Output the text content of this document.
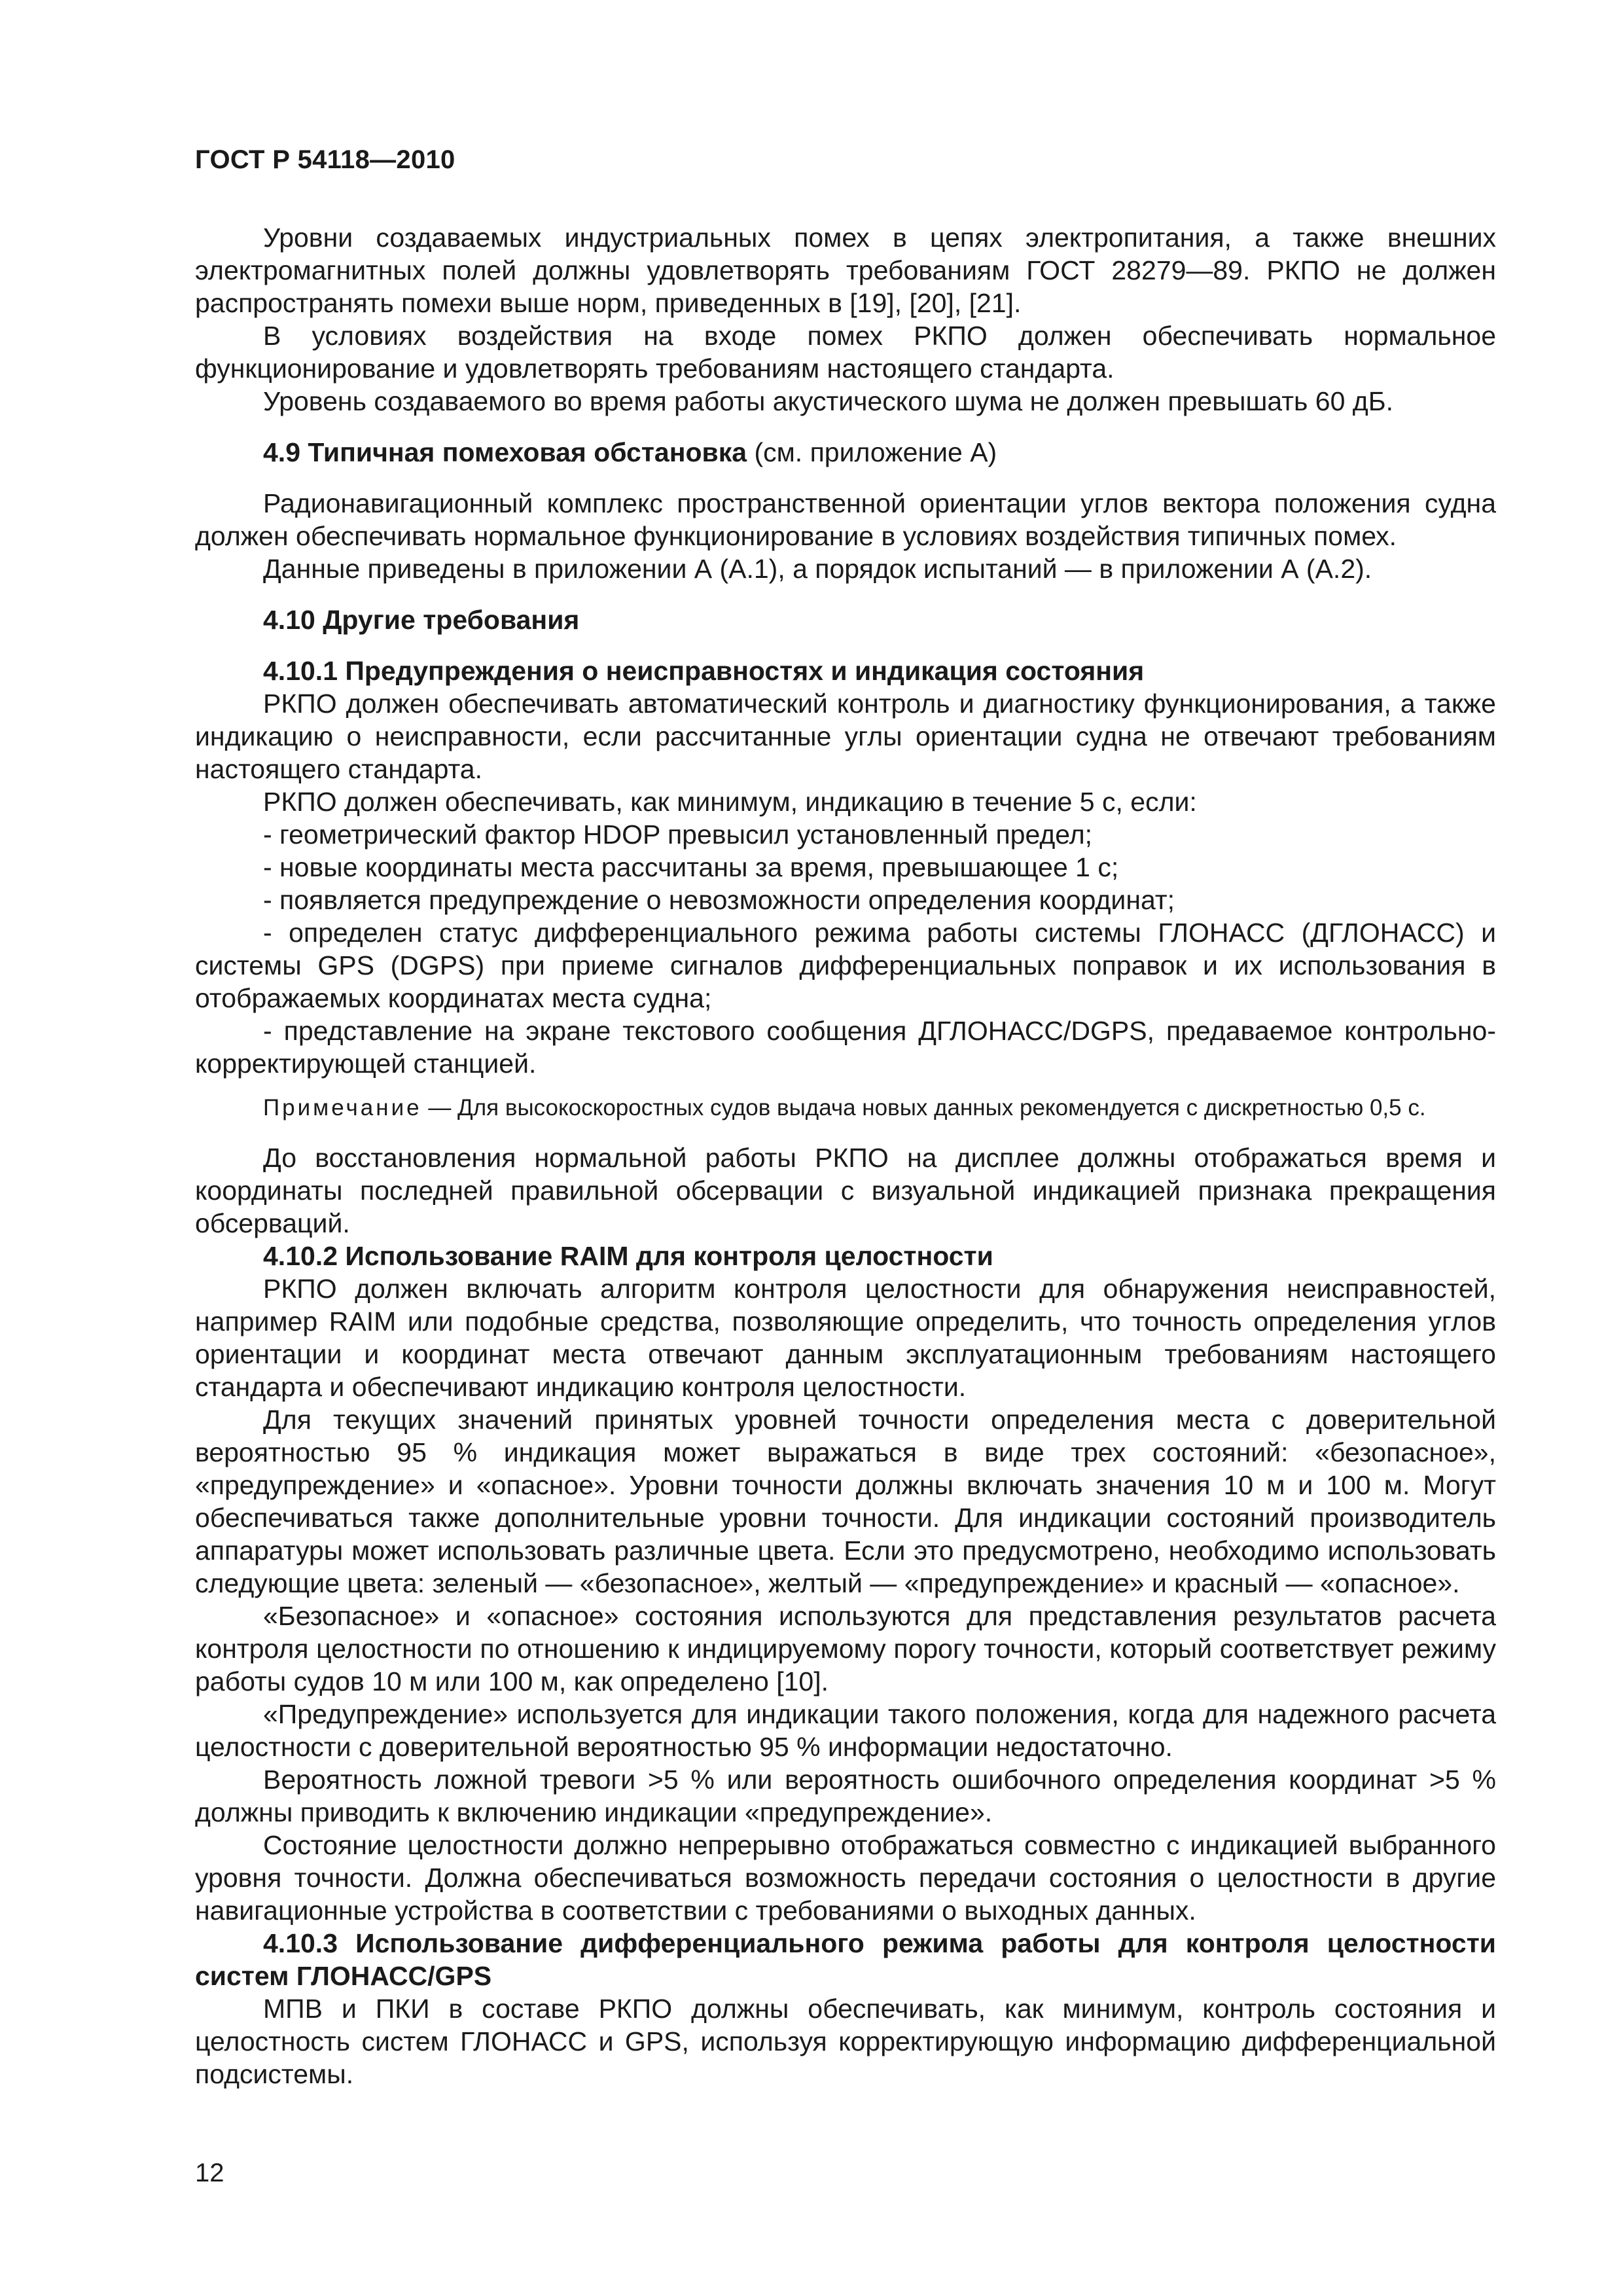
ГОСТ Р 54118—2010

Уровни создаваемых индустриальных помех в цепях электропитания, а также внешних электромагнитных полей должны удовлетворять требованиям ГОСТ 28279—89. РКПО не должен распространять помехи выше норм, приведенных в [19], [20], [21].

В условиях воздействия на входе помех РКПО должен обеспечивать нормальное функционирование и удовлетворять требованиям настоящего стандарта.

Уровень создаваемого во время работы акустического шума не должен превышать 60 дБ.

4.9 Типичная помеховая обстановка (см. приложение А)

Радионавигационный комплекс пространственной ориентации углов вектора положения судна должен обеспечивать нормальное функционирование в условиях воздействия типичных помех.

Данные приведены в приложении А (А.1), а порядок испытаний — в приложении А (А.2).

4.10 Другие требования

4.10.1 Предупреждения о неисправностях и индикация состояния

РКПО должен обеспечивать автоматический контроль и диагностику функционирования, а также индикацию о неисправности, если рассчитанные углы ориентации судна не отвечают требованиям настоящего стандарта.

РКПО должен обеспечивать, как минимум, индикацию в течение 5 с, если:

- геометрический фактор HDOP превысил установленный предел;

- новые координаты места рассчитаны за время, превышающее 1 с;

- появляется предупреждение о невозможности определения координат;

- определен статус дифференциального режима работы системы ГЛОНАСС (ДГЛОНАСС) и системы GPS (DGPS) при приеме сигналов дифференциальных поправок и их использования в отображаемых координатах места судна;

- представление на экране текстового сообщения ДГЛОНАСС/DGPS, предаваемое контрольно-корректирующей станцией.

Примечание — Для высокоскоростных судов выдача новых данных рекомендуется с дискретностью 0,5 с.

До восстановления нормальной работы РКПО на дисплее должны отображаться время и координаты последней правильной обсервации с визуальной индикацией признака прекращения обсерваций.

4.10.2 Использование RAIM для контроля целостности

РКПО должен включать алгоритм контроля целостности для обнаружения неисправностей, например RAIM или подобные средства, позволяющие определить, что точность определения углов ориентации и координат места отвечают данным эксплуатационным требованиям настоящего стандарта и обеспечивают индикацию контроля целостности.

Для текущих значений принятых уровней точности определения места с доверительной вероятностью 95 % индикация может выражаться в виде трех состояний: «безопасное», «предупреждение» и «опасное». Уровни точности должны включать значения 10 м и 100 м. Могут обеспечиваться также дополнительные уровни точности. Для индикации состояний производитель аппаратуры может использовать различные цвета. Если это предусмотрено, необходимо использовать следующие цвета: зеленый — «безопасное», желтый — «предупреждение» и красный — «опасное».

«Безопасное» и «опасное» состояния используются для представления результатов расчета контроля целостности по отношению к индицируемому порогу точности, который соответствует режиму работы судов 10 м или 100 м, как определено [10].

«Предупреждение» используется для индикации такого положения, когда для надежного расчета целостности с доверительной вероятностью 95 % информации недостаточно.

Вероятность ложной тревоги >5 % или вероятность ошибочного определения координат >5 % должны приводить к включению индикации «предупреждение».

Состояние целостности должно непрерывно отображаться совместно с индикацией выбранного уровня точности. Должна обеспечиваться возможность передачи состояния о целостности в другие навигационные устройства в соответствии с требованиями о выходных данных.

4.10.3 Использование дифференциального режима работы для контроля целостности систем ГЛОНАСС/GPS

МПВ и ПКИ в составе РКПО должны обеспечивать, как минимум, контроль состояния и целостность систем ГЛОНАСС и GPS, используя корректирующую информацию дифференциальной подсистемы.

12
